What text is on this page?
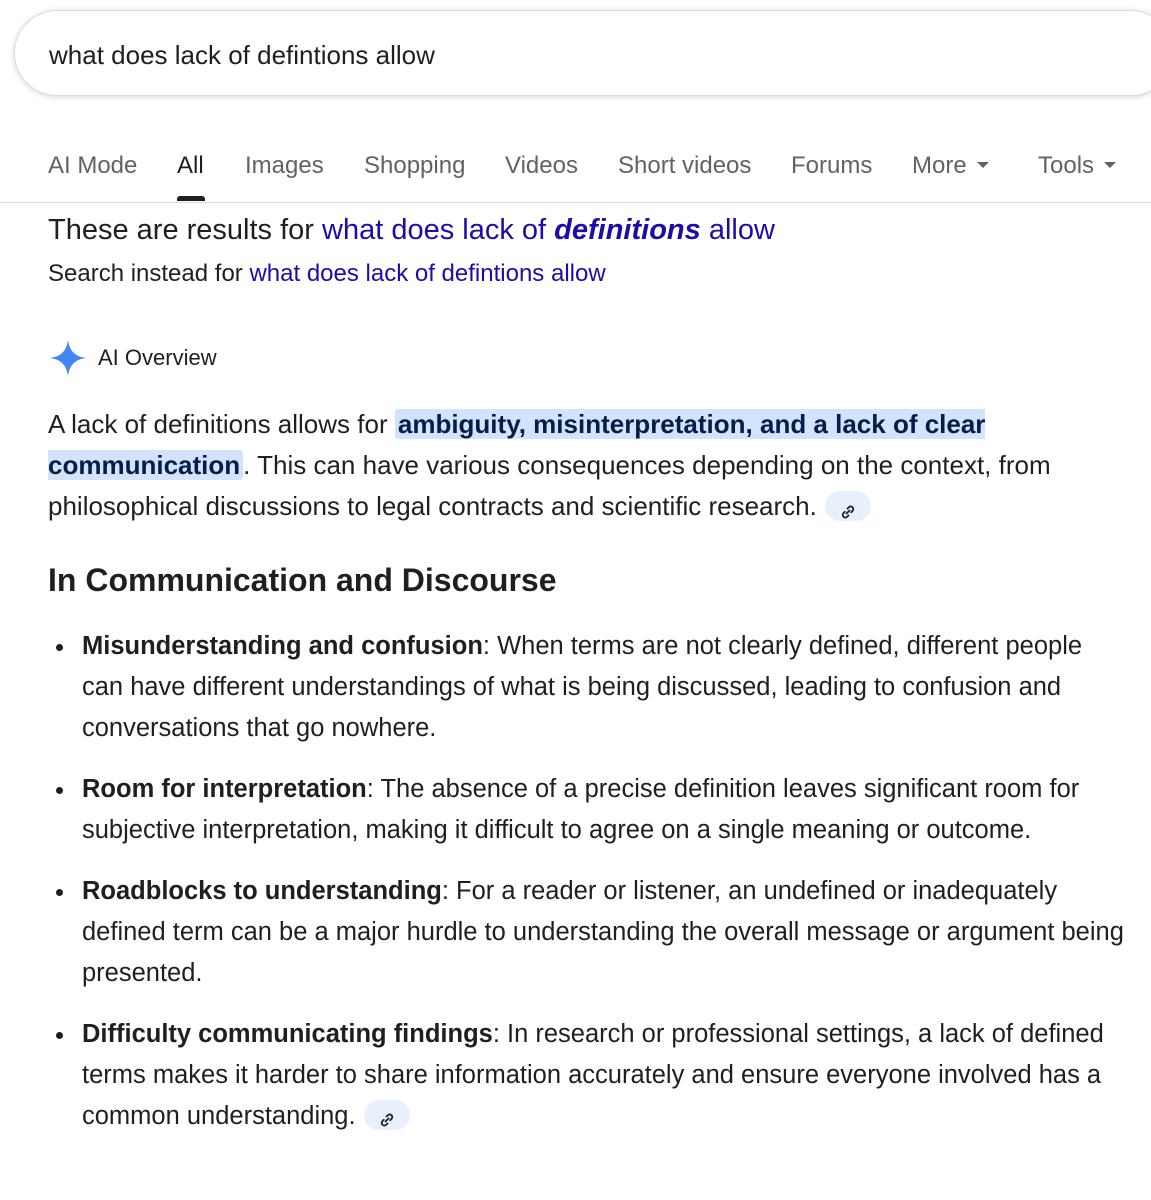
what does lack of defintions allow
AI Mode All Images Shopping Videos Short videos Forums More	Tools
These are results for what does lack of definitions allow
Search instead for what does lack of defintions allow
AI Overview
A lack of definitions allows for ambiguity, misinterpretation, and a lack of clear communication . This can have various consequences depending on the context, from philosophical discussions to legal contracts and scientific research.
In Communication and Discourse
Misunderstanding and confusion: When terms are not clearly defined, different people can have different understandings of what is being discussed, leading to confusion and conversations that go nowhere.
Room for interpretation: The absence of a precise definition leaves significant room for subjective interpretation, making it difficult to agree on a single meaning or outcome.
Roadblocks to understanding: For a reader or listener, an undefined or inadequately defined term can be a major hurdle to understanding the overall message or argument being presented.
Difficulty communicating findings: In research or professional settings, a lack of defined terms makes it harder to share information accurately and ensure everyone involved has a common understanding.
